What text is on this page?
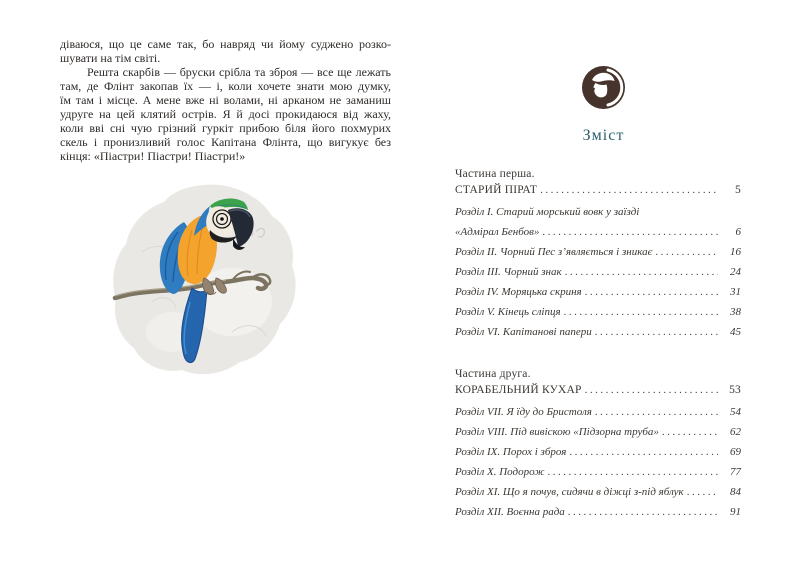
діваюся, що це саме так, бо навряд чи йому суджено розко-
шувати на тім світі.
Решта скарбів — бруски срібла та зброя — все ще лежать
там, де Флінт закопав їх — і, коли хочете знати мою думку,
їм там і місце. А мене вже ні волами, ні арканом не заманиш
удруге на цей клятий острів. Я й досі прокидаюся від жаху,
коли вві сні чую грізний гуркіт прибою біля його похмурих
скель і пронизливий голос Капітана Флінта, що вигукує без
кінця: «Піастри! Піастри! Піастри!»
Зміст
Частина перша.
СТАРИЙ ПІРАТ .....	5
Розділ I. Старий морський вовк у заїзді
«Адмірал Бенбов» .....	6
Розділ II. Чорний Пес з’являється і зникає .....	16
Розділ III. Чорний знак .....	24
Розділ IV. Моряцька скриня .....	31
Розділ V. Кінець сліпця .....	38
Розділ VI. Капітанові папери .....	45
Частина друга.
КОРАБЕЛЬНИЙ КУХАР .....	53
Розділ VII. Я їду до Бристоля .....	54
Розділ VIII. Під вивіскою «Підзорна труба» .....	62
Розділ IX. Порох і зброя .....	69
Розділ X. Подорож .....	77
Розділ XI. Що я почув, сидячи в діжці з-під яблук .....	84
Розділ XII. Воєнна рада .....	91
